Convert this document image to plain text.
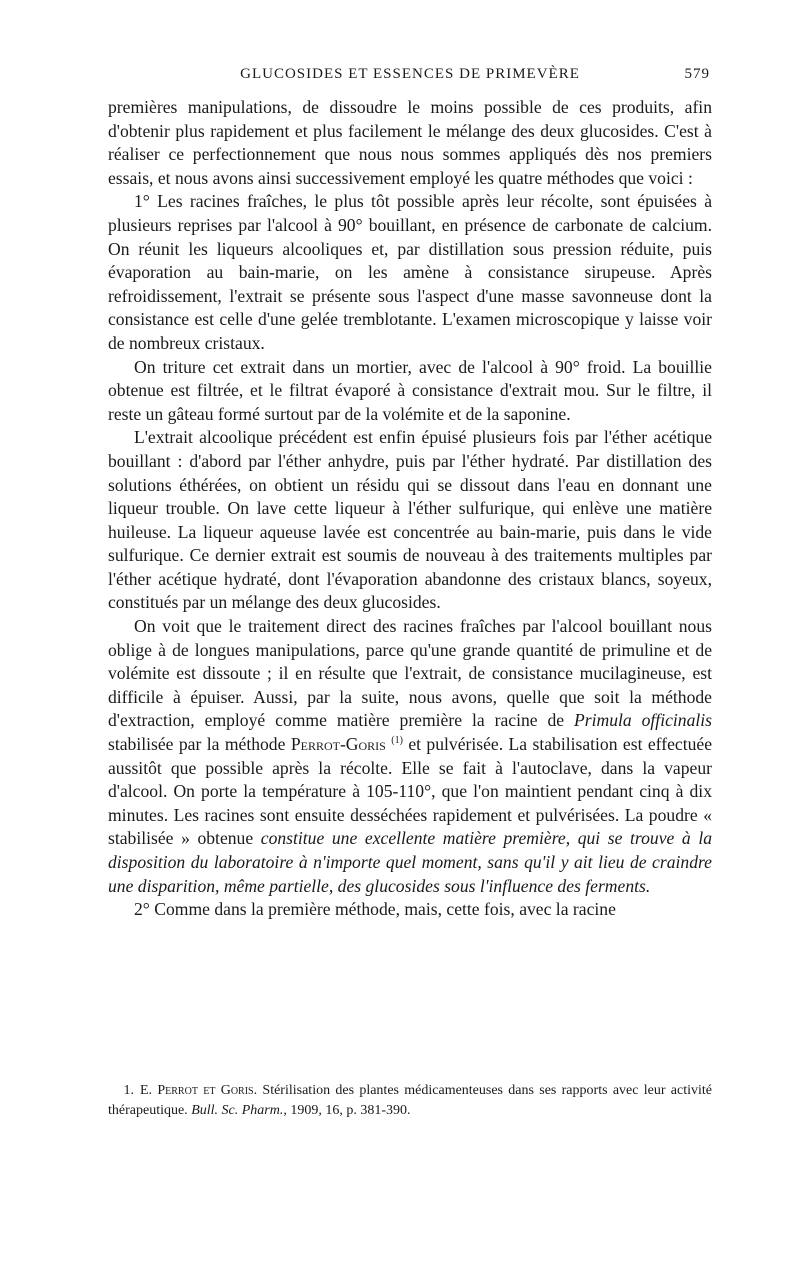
GLUCOSIDES ET ESSENCES DE PRIMEVÈRE	579

premières manipulations, de dissoudre le moins possible de ces produits, afin d'obtenir plus rapidement et plus facilement le mélange des deux glucosides. C'est à réaliser ce perfectionnement que nous nous sommes appliqués dès nos premiers essais, et nous avons ainsi successivement employé les quatre méthodes que voici :

1° Les racines fraîches, le plus tôt possible après leur récolte, sont épuisées à plusieurs reprises par l'alcool à 90° bouillant, en présence de carbonate de calcium. On réunit les liqueurs alcooliques et, par distillation sous pression réduite, puis évaporation au bain-marie, on les amène à consistance sirupeuse. Après refroidissement, l'extrait se présente sous l'aspect d'une masse savonneuse dont la consistance est celle d'une gelée tremblotante. L'examen microscopique y laisse voir de nombreux cristaux.

On triture cet extrait dans un mortier, avec de l'alcool à 90° froid. La bouillie obtenue est filtrée, et le filtrat évaporé à consistance d'extrait mou. Sur le filtre, il reste un gâteau formé surtout par de la volémite et de la saponine.

L'extrait alcoolique précédent est enfin épuisé plusieurs fois par l'éther acétique bouillant : d'abord par l'éther anhydre, puis par l'éther hydraté. Par distillation des solutions éthérées, on obtient un résidu qui se dissout dans l'eau en donnant une liqueur trouble. On lave cette liqueur à l'éther sulfurique, qui enlève une matière huileuse. La liqueur aqueuse lavée est concentrée au bain-marie, puis dans le vide sulfurique. Ce dernier extrait est soumis de nouveau à des traitements multiples par l'éther acétique hydraté, dont l'évaporation abandonne des cristaux blancs, soyeux, constitués par un mélange des deux glucosides.

On voit que le traitement direct des racines fraîches par l'alcool bouillant nous oblige à de longues manipulations, parce qu'une grande quantité de primuline et de volémite est dissoute ; il en résulte que l'extrait, de consistance mucilagineuse, est difficile à épuiser. Aussi, par la suite, nous avons, quelle que soit la méthode d'extraction, employé comme matière première la racine de Primula officinalis stabilisée par la méthode Perrot-Goris $^{(1)}$ et pulvérisée. La stabilisation est effectuée aussitôt que possible après la récolte. Elle se fait à l'autoclave, dans la vapeur d'alcool. On porte la température à 105-110°, que l'on maintient pendant cinq à dix minutes. Les racines sont ensuite desséchées rapidement et pulvérisées. La poudre « stabilisée » obtenue constitue une excellente matière première, qui se trouve à la disposition du laboratoire à n'importe quel moment, sans qu'il y ait lieu de craindre une disparition, même partielle, des glucosides sous l'influence des ferments.

2° Comme dans la première méthode, mais, cette fois, avec la racine

1. E. Perrot et Goris. Stérilisation des plantes médicamenteuses dans ses rapports avec leur activité thérapeutique. Bull. Sc. Pharm., 1909, 16, p. 381-390.
